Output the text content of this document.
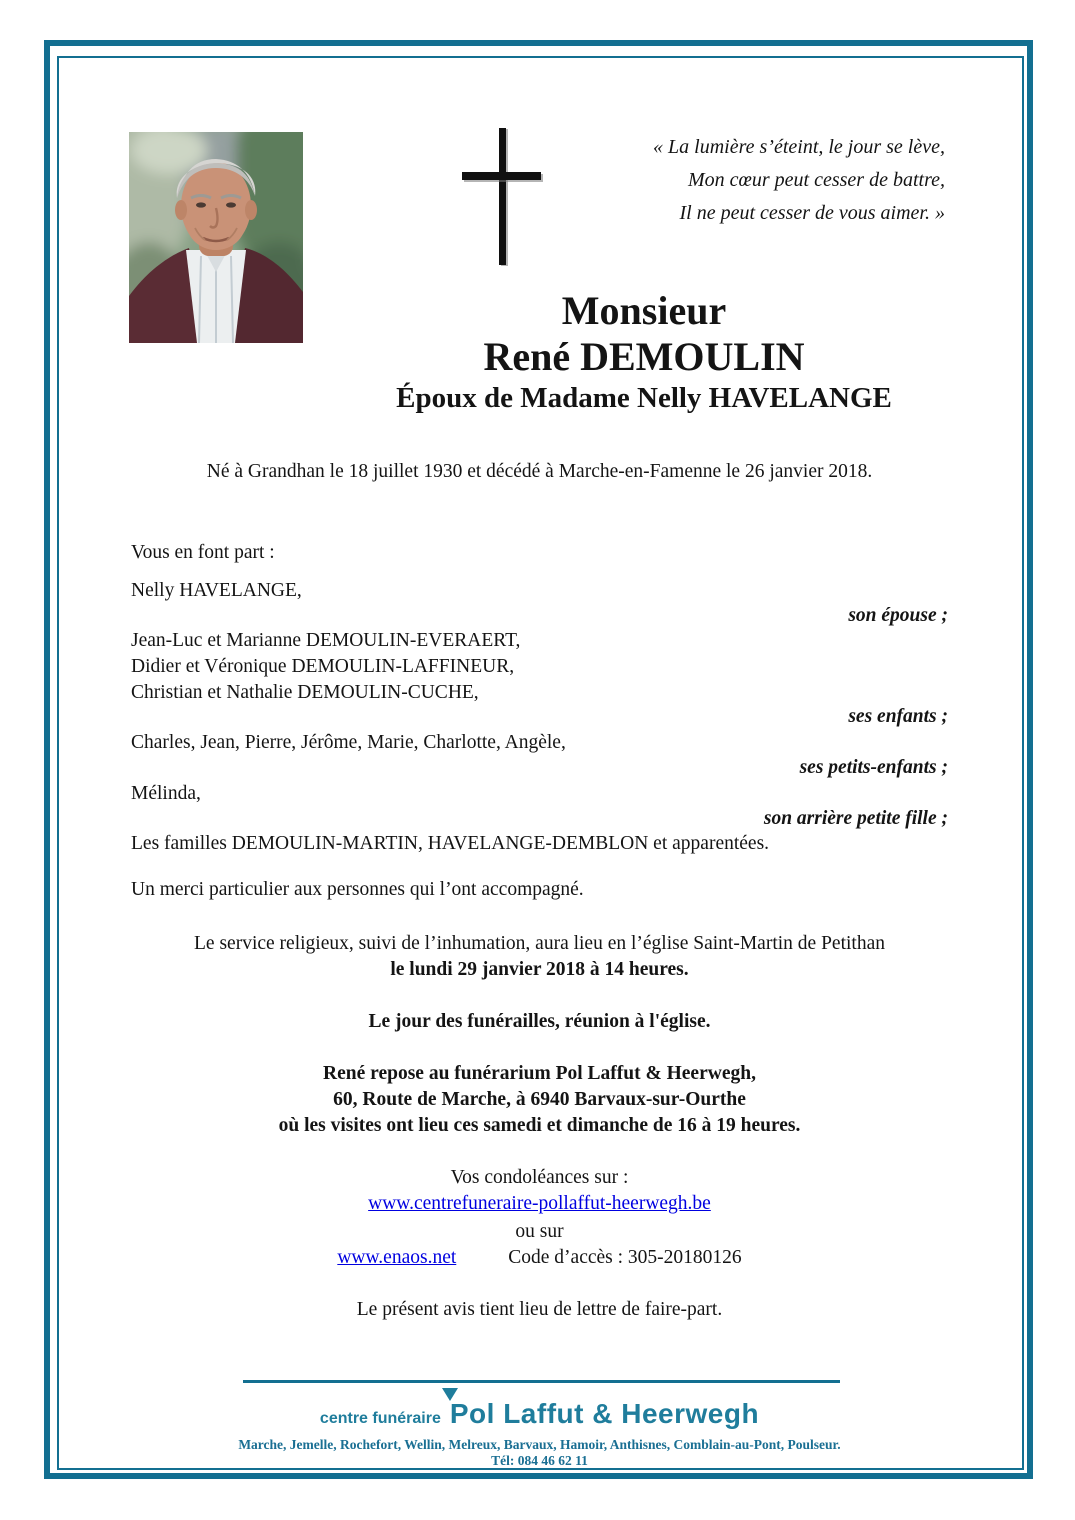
« La lumière s’éteint, le jour se lève,
Mon cœur peut cesser de battre,
Il ne peut cesser de vous aimer. »
Monsieur
René DEMOULIN
Époux de Madame Nelly HAVELANGE
Né à Grandhan le 18 juillet 1930 et décédé à Marche-en-Famenne le 26 janvier 2018.
Vous en font part :
Nelly HAVELANGE,
son épouse ;
Jean-Luc et Marianne DEMOULIN-EVERAERT,
Didier et Véronique DEMOULIN-LAFFINEUR,
Christian et Nathalie DEMOULIN-CUCHE,
ses enfants ;
Charles, Jean, Pierre, Jérôme, Marie, Charlotte, Angèle,
ses petits-enfants ;
Mélinda,
son arrière petite fille ;
Les familles DEMOULIN-MARTIN, HAVELANGE-DEMBLON et apparentées.
Un merci particulier aux personnes qui l’ont accompagné.
Le service religieux, suivi de l’inhumation, aura lieu en l’église Saint-Martin de Petithan
le lundi 29 janvier 2018 à 14 heures.
Le jour des funérailles, réunion à l'église.
René repose au funérarium Pol Laffut & Heerwegh,
60, Route de Marche, à 6940 Barvaux-sur-Ourthe
où les visites ont lieu ces samedi et dimanche de 16 à 19 heures.
Vos condoléances sur :
www.centrefuneraire-pollaffut-heerwegh.be
ou sur
www.enaos.net	Code d’accès : 305-20180126
Le présent avis tient lieu de lettre de faire-part.
centre funéraire Pol Laffut & Heerwegh
Marche, Jemelle, Rochefort, Wellin, Melreux, Barvaux, Hamoir, Anthisnes, Comblain-au-Pont, Poulseur.
Tél: 084 46 62 11
